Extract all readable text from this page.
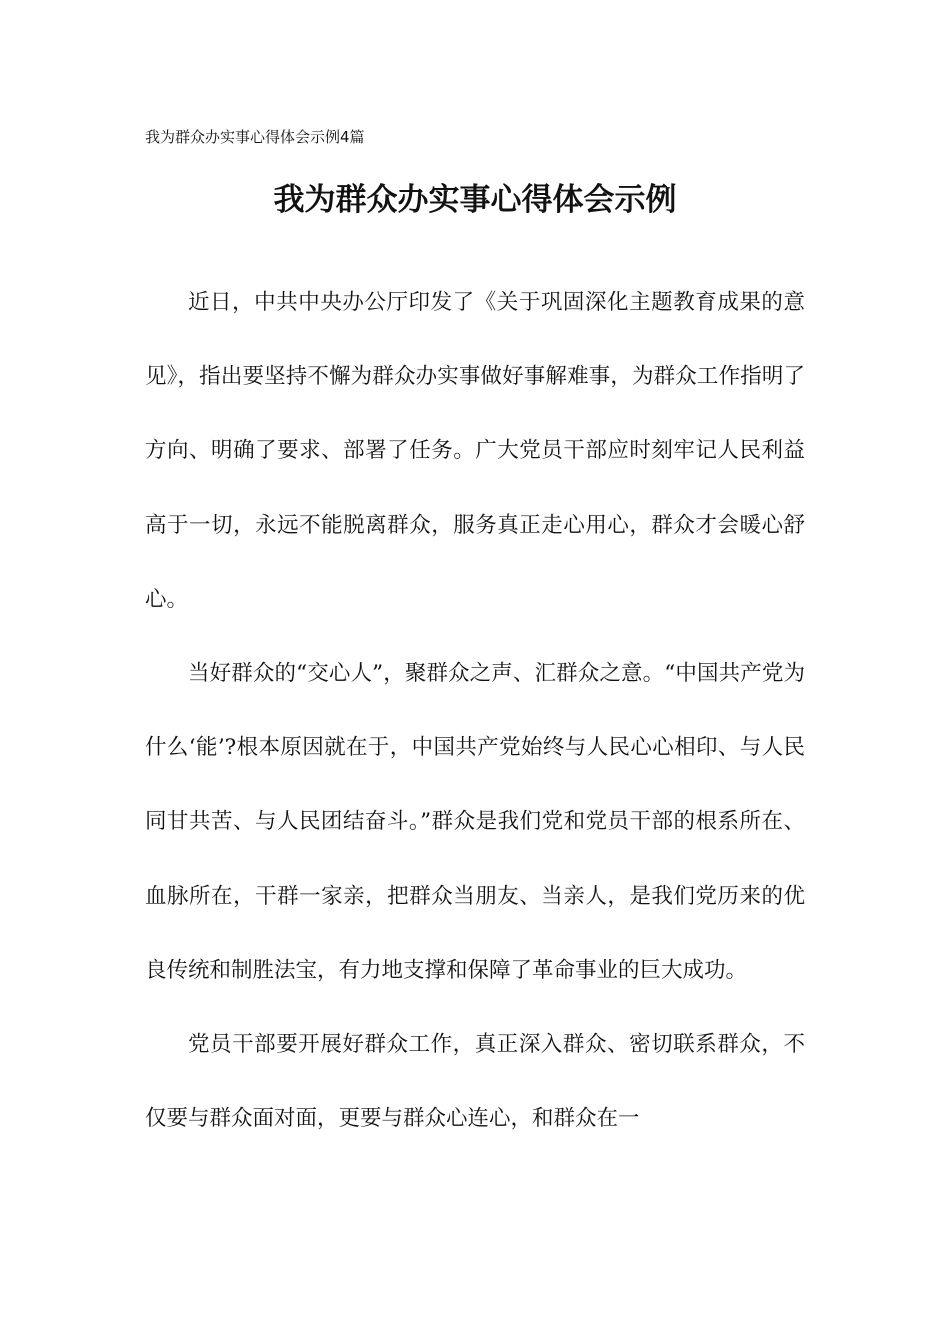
我为群众办实事心得体会示例4篇
我为群众办实事心得体会示例

近日，中共中央办公厅印发了《关于巩固深化主题教育成果的意见》，指出要坚持不懈为群众办实事做好事解难事，为群众工作指明了方向、明确了要求、部署了任务。广大党员干部应时刻牢记人民利益高于一切，永远不能脱离群众，服务真正走心用心，群众才会暖心舒心。

当好群众的“交心人”，聚群众之声、汇群众之意。“中国共产党为什么‘能’?根本原因就在于，中国共产党始终与人民心心相印、与人民同甘共苦、与人民团结奋斗。”群众是我们党和党员干部的根系所在、血脉所在，干群一家亲，把群众当朋友、当亲人，是我们党历来的优良传统和制胜法宝，有力地支撑和保障了革命事业的巨大成功。

党员干部要开展好群众工作，真正深入群众、密切联系群众，不仅要与群众面对面，更要与群众心连心，和群众在一
